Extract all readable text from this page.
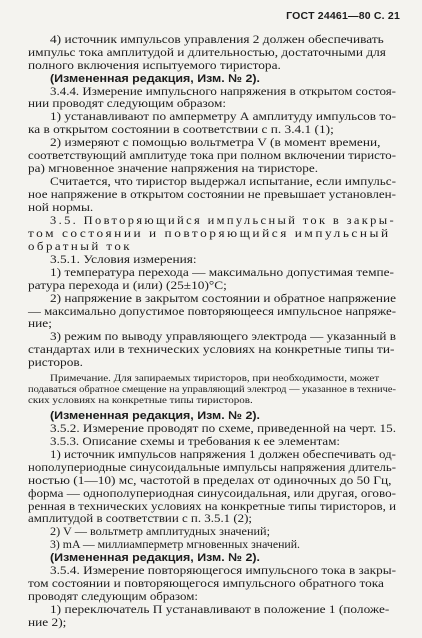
ГОСТ 24461—80 С. 21
4) источник импульсов управления 2 должен обеспечивать
импульс тока амплитудой и длительностью, достаточными для
полного включения испытуемого тиристора.
(Измененная редакция, Изм. № 2).
3.4.4. Измерение импульсного напряжения в открытом состоя-
нии проводят следующим образом:
1) устанавливают по амперметру А амплитуду импульсов то-
ка в открытом состоянии в соответствии с п. 3.4.1 (1);
2) измеряют с помощью вольтметра V (в момент времени,
соответствующий амплитуде тока при полном включении тиристо-
ра) мгновенное значение напряжения на тиристоре.
Считается, что тиристор выдержал испытание, если импульс-
ное напряжение в открытом состоянии не превышает установлен-
ной нормы.
3.5. Повторяющийся импульсный ток в закры-
том состоянии и повторяющийся импульсный
обратный ток
3.5.1. Условия измерения:
1) температура перехода — максимально допустимая темпе-
ратура перехода и (или) (25±10)°С;
2) напряжение в закрытом состоянии и обратное напряжение
— максимально допустимое повторяющееся импульсное напряже-
ние;
3) режим по выводу управляющего электрода — указанный в
стандартах или в технических условиях на конкретные типы ти-
ристоров.
Примечание. Для запираемых тиристоров, при необходимости, может
подаваться обратное смещение на управляющий электрод — указанное в техниче-
ских условиях на конкретные типы тиристоров.
(Измененная редакция, Изм. № 2).
3.5.2. Измерение проводят по схеме, приведенной на черт. 15.
3.5.3. Описание схемы и требования к ее элементам:
1) источник импульсов напряжения 1 должен обеспечивать од-
нополупериодные синусоидальные импульсы напряжения длитель-
ностью (1—10) мс, частотой в пределах от одиночных до 50 Гц,
форма — однополупериодная синусоидальная, или другая, огово-
ренная в технических условиях на конкретные типы тиристоров, и
амплитудой в соответствии с п. 3.5.1 (2);
2) V — вольтметр амплитудных значений;
3) mA — миллиамперметр мгновенных значений.
(Измененная редакция, Изм. № 2).
3.5.4. Измерение повторяющегося импульсного тока в закры-
том состоянии и повторяющегося импульсного обратного тока
проводят следующим образом:
1) переключатель П устанавливают в положение 1 (положе-
ние 2);
